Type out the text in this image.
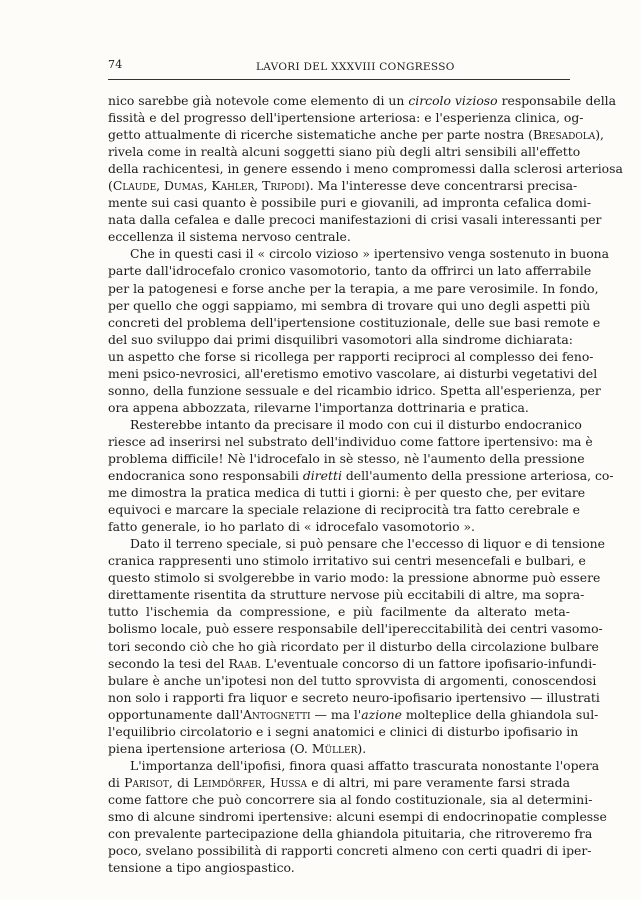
74	LAVORI DEL XXXVIII CONGRESSO
nico sarebbe già notevole come elemento di un circolo vizioso responsabile della
fissità e del progresso dell'ipertensione arteriosa: e l'esperienza clinica, og-
getto attualmente di ricerche sistematiche anche per parte nostra (Bresadola),
rivela come in realtà alcuni soggetti siano più degli altri sensibili all'effetto
della rachicentesi, in genere essendo i meno compromessi dalla sclerosi arteriosa
(Claude, Dumas, Kahler, Tripodi). Ma l'interesse deve concentrarsi precisa-
mente sui casi quanto è possibile puri e giovanili, ad impronta cefalica domi-
nata dalla cefalea e dalle precoci manifestazioni di crisi vasali interessanti per
eccellenza il sistema nervoso centrale.
Che in questi casi il « circolo vizioso » ipertensivo venga sostenuto in buona
parte dall'idrocefalo cronico vasomotorio, tanto da offrirci un lato afferrabile
per la patogenesi e forse anche per la terapia, a me pare verosimile. In fondo,
per quello che oggi sappiamo, mi sembra di trovare qui uno degli aspetti più
concreti del problema dell'ipertensione costituzionale, delle sue basi remote e
del suo sviluppo dai primi disquilibri vasomotori alla sindrome dichiarata:
un aspetto che forse si ricollega per rapporti reciproci al complesso dei feno-
meni psico-nevrosici, all'eretismo emotivo vascolare, ai disturbi vegetativi del
sonno, della funzione sessuale e del ricambio idrico. Spetta all'esperienza, per
ora appena abbozzata, rilevarne l'importanza dottrinaria e pratica.
Resterebbe intanto da precisare il modo con cui il disturbo endocranico
riesce ad inserirsi nel substrato dell'individuo come fattore ipertensivo: ma è
problema difficile! Nè l'idrocefalo in sè stesso, nè l'aumento della pressione
endocranica sono responsabili diretti dell'aumento della pressione arteriosa, co-
me dimostra la pratica medica di tutti i giorni: è per questo che, per evitare
equivoci e marcare la speciale relazione di reciprocità tra fatto cerebrale e
fatto generale, io ho parlato di « idrocefalo vasomotorio ».
Dato il terreno speciale, si può pensare che l'eccesso di liquor e di tensione
cranica rappresenti uno stimolo irritativo sui centri mesencefali e bulbari, e
questo stimolo si svolgerebbe in vario modo: la pressione abnorme può essere
direttamente risentita da strutture nervose più eccitabili di altre, ma sopra-
tutto l'ischemia da compressione, e più facilmente da alterato meta-
bolismo locale, può essere responsabile dell'ipereccitabilità dei centri vasomo-
tori secondo ciò che ho già ricordato per il disturbo della circolazione bulbare
secondo la tesi del Raab. L'eventuale concorso di un fattore ipofisario-infundi-
bulare è anche un'ipotesi non del tutto sprovvista di argomenti, conoscendosi
non solo i rapporti fra liquor e secreto neuro-ipofisario ipertensivo — illustrati
opportunamente dall'Antognetti — ma l'azione molteplice della ghiandola sul-
l'equilibrio circolatorio e i segni anatomici e clinici di disturbo ipofisario in
piena ipertensione arteriosa (O. Müller).
L'importanza dell'ipofisi, finora quasi affatto trascurata nonostante l'opera
di Parisot, di Leimdörfer, Hussa e di altri, mi pare veramente farsi strada
come fattore che può concorrere sia al fondo costituzionale, sia al determini-
smo di alcune sindromi ipertensive: alcuni esempi di endocrinopatie complesse
con prevalente partecipazione della ghiandola pituitaria, che ritroveremo fra
poco, svelano possibilità di rapporti concreti almeno con certi quadri di iper-
tensione a tipo angiospastico.
